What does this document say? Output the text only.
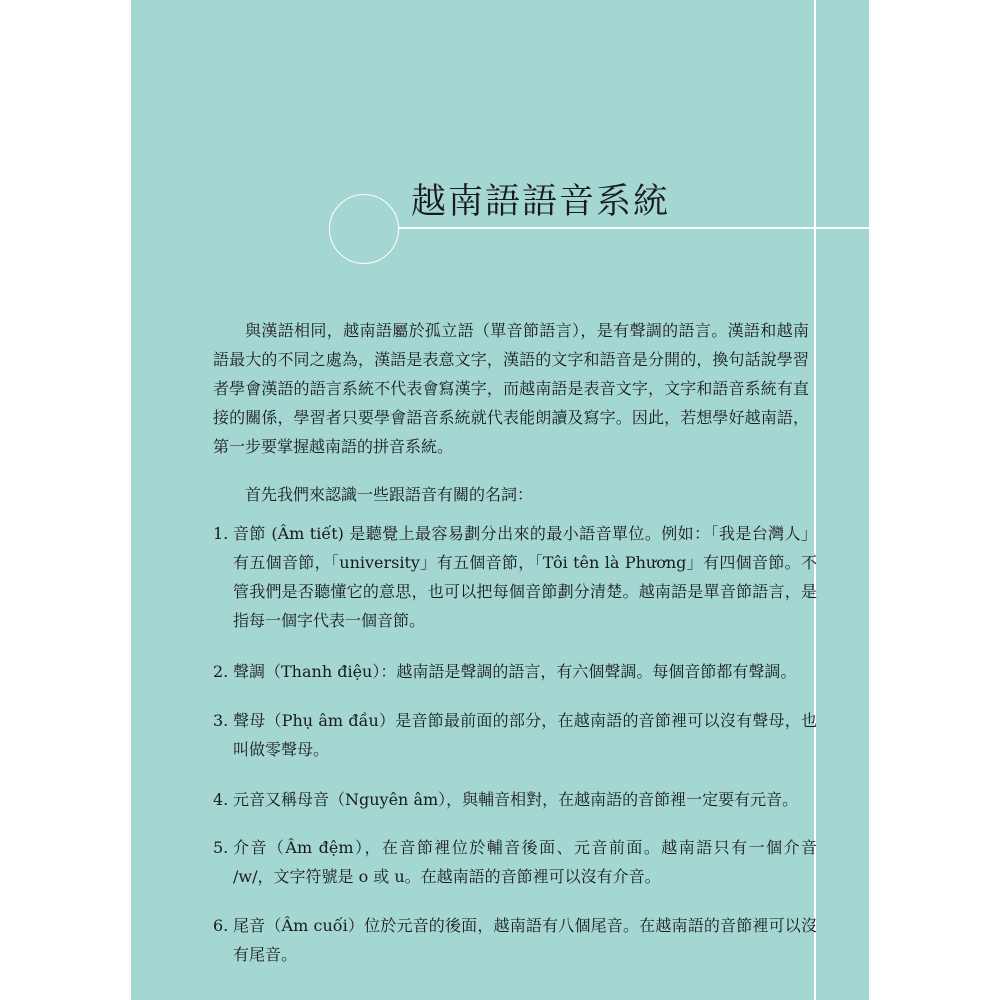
越南語語音系統

與漢語相同，越南語屬於孤立語（單音節語言），是有聲調的語言。漢語和越南語最大的不同之處為，漢語是表意文字，漢語的文字和語音是分開的，換句話說學習者學會漢語的語言系統不代表會寫漢字，而越南語是表音文字，文字和語音系統有直接的關係，學習者只要學會語音系統就代表能朗讀及寫字。因此，若想學好越南語，第一步要掌握越南語的拼音系統。

首先我們來認識一些跟語音有關的名詞：

1. 音節 (Âm tiết) 是聽覺上最容易劃分出來的最小語音單位。例如：「我是台灣人」有五個音節，「university」有五個音節，「Tôi tên là Phương」有四個音節。不管我們是否聽懂它的意思，也可以把每個音節劃分清楚。越南語是單音節語言，是指每一個字代表一個音節。
2. 聲調（Thanh điệu）：越南語是聲調的語言，有六個聲調。每個音節都有聲調。
3. 聲母（Phụ âm đầu）是音節最前面的部分，在越南語的音節裡可以沒有聲母，也叫做零聲母。
4. 元音又稱母音（Nguyên âm），與輔音相對，在越南語的音節裡一定要有元音。
5. 介音（Âm đệm），在音節裡位於輔音後面、元音前面。越南語只有一個介音 /w/，文字符號是 o 或 u。在越南語的音節裡可以沒有介音。
6. 尾音（Âm cuối）位於元音的後面，越南語有八個尾音。在越南語的音節裡可以沒有尾音。
